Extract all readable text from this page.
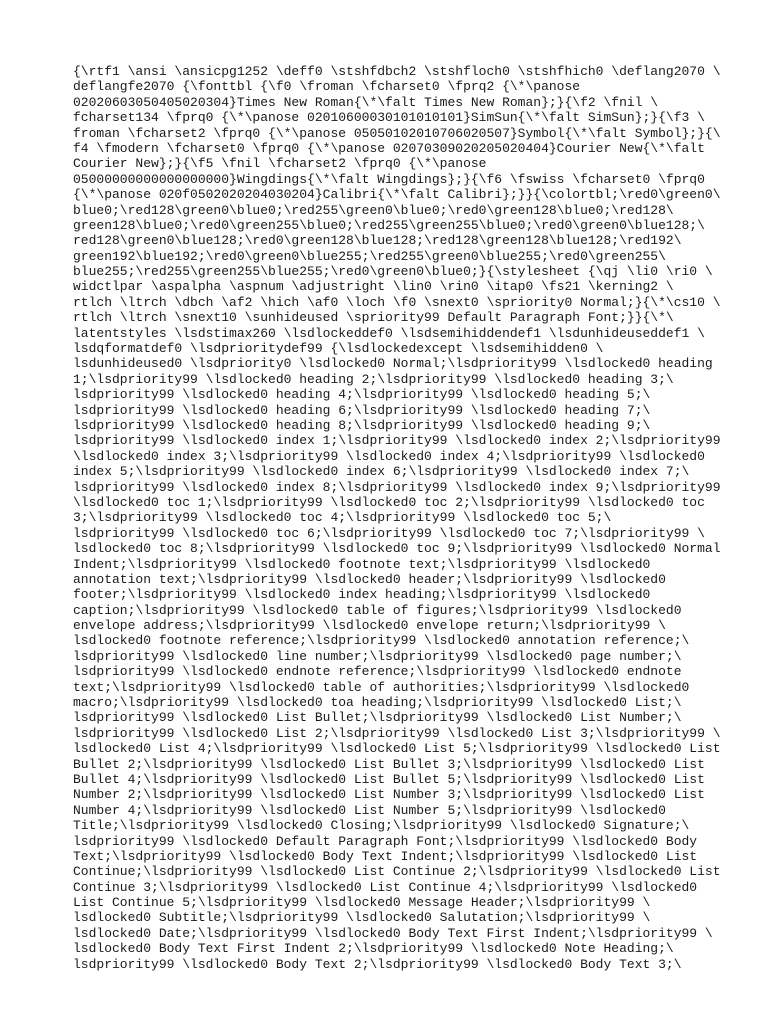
{\rtf1 \ansi \ansicpg1252 \deff0 \stshfdbch2 \stshfloch0 \stshfhich0 \deflang2070 \
deflangfe2070 {\fonttbl {\f0 \froman \fcharset0 \fprq2 {\*\panose
02020603050405020304}Times New Roman{\*\falt Times New Roman};}{\f2 \fnil \
fcharset134 \fprq0 {\*\panose 02010600030101010101}SimSun{\*\falt SimSun};}{\f3 \
froman \fcharset2 \fprq0 {\*\panose 05050102010706020507}Symbol{\*\falt Symbol};}{\
f4 \fmodern \fcharset0 \fprq0 {\*\panose 02070309020205020404}Courier New{\*\falt
Courier New};}{\f5 \fnil \fcharset2 \fprq0 {\*\panose
05000000000000000000}Wingdings{\*\falt Wingdings};}{\f6 \fswiss \fcharset0 \fprq0
{\*\panose 020f0502020204030204}Calibri{\*\falt Calibri};}}{\colortbl;\red0\green0\
blue0;\red128\green0\blue0;\red255\green0\blue0;\red0\green128\blue0;\red128\
green128\blue0;\red0\green255\blue0;\red255\green255\blue0;\red0\green0\blue128;\
red128\green0\blue128;\red0\green128\blue128;\red128\green128\blue128;\red192\
green192\blue192;\red0\green0\blue255;\red255\green0\blue255;\red0\green255\
blue255;\red255\green255\blue255;\red0\green0\blue0;}{\stylesheet {\qj \li0 \ri0 \
widctlpar \aspalpha \aspnum \adjustright \lin0 \rin0 \itap0 \fs21 \kerning2 \
rtlch \ltrch \dbch \af2 \hich \af0 \loch \f0 \snext0 \spriority0 Normal;}{\*\cs10 \
rtlch \ltrch \snext10 \sunhideused \spriority99 Default Paragraph Font;}}{\*\
latentstyles \lsdstimax260 \lsdlockeddef0 \lsdsemihiddendef1 \lsdunhideuseddef1 \
lsdqformatdef0 \lsdprioritydef99 {\lsdlockedexcept \lsdsemihidden0 \
lsdunhideused0 \lsdpriority0 \lsdlocked0 Normal;\lsdpriority99 \lsdlocked0 heading
1;\lsdpriority99 \lsdlocked0 heading 2;\lsdpriority99 \lsdlocked0 heading 3;\
lsdpriority99 \lsdlocked0 heading 4;\lsdpriority99 \lsdlocked0 heading 5;\
lsdpriority99 \lsdlocked0 heading 6;\lsdpriority99 \lsdlocked0 heading 7;\
lsdpriority99 \lsdlocked0 heading 8;\lsdpriority99 \lsdlocked0 heading 9;\
lsdpriority99 \lsdlocked0 index 1;\lsdpriority99 \lsdlocked0 index 2;\lsdpriority99
\lsdlocked0 index 3;\lsdpriority99 \lsdlocked0 index 4;\lsdpriority99 \lsdlocked0
index 5;\lsdpriority99 \lsdlocked0 index 6;\lsdpriority99 \lsdlocked0 index 7;\
lsdpriority99 \lsdlocked0 index 8;\lsdpriority99 \lsdlocked0 index 9;\lsdpriority99
\lsdlocked0 toc 1;\lsdpriority99 \lsdlocked0 toc 2;\lsdpriority99 \lsdlocked0 toc
3;\lsdpriority99 \lsdlocked0 toc 4;\lsdpriority99 \lsdlocked0 toc 5;\
lsdpriority99 \lsdlocked0 toc 6;\lsdpriority99 \lsdlocked0 toc 7;\lsdpriority99 \
lsdlocked0 toc 8;\lsdpriority99 \lsdlocked0 toc 9;\lsdpriority99 \lsdlocked0 Normal
Indent;\lsdpriority99 \lsdlocked0 footnote text;\lsdpriority99 \lsdlocked0
annotation text;\lsdpriority99 \lsdlocked0 header;\lsdpriority99 \lsdlocked0
footer;\lsdpriority99 \lsdlocked0 index heading;\lsdpriority99 \lsdlocked0
caption;\lsdpriority99 \lsdlocked0 table of figures;\lsdpriority99 \lsdlocked0
envelope address;\lsdpriority99 \lsdlocked0 envelope return;\lsdpriority99 \
lsdlocked0 footnote reference;\lsdpriority99 \lsdlocked0 annotation reference;\
lsdpriority99 \lsdlocked0 line number;\lsdpriority99 \lsdlocked0 page number;\
lsdpriority99 \lsdlocked0 endnote reference;\lsdpriority99 \lsdlocked0 endnote
text;\lsdpriority99 \lsdlocked0 table of authorities;\lsdpriority99 \lsdlocked0
macro;\lsdpriority99 \lsdlocked0 toa heading;\lsdpriority99 \lsdlocked0 List;\
lsdpriority99 \lsdlocked0 List Bullet;\lsdpriority99 \lsdlocked0 List Number;\
lsdpriority99 \lsdlocked0 List 2;\lsdpriority99 \lsdlocked0 List 3;\lsdpriority99 \
lsdlocked0 List 4;\lsdpriority99 \lsdlocked0 List 5;\lsdpriority99 \lsdlocked0 List
Bullet 2;\lsdpriority99 \lsdlocked0 List Bullet 3;\lsdpriority99 \lsdlocked0 List
Bullet 4;\lsdpriority99 \lsdlocked0 List Bullet 5;\lsdpriority99 \lsdlocked0 List
Number 2;\lsdpriority99 \lsdlocked0 List Number 3;\lsdpriority99 \lsdlocked0 List
Number 4;\lsdpriority99 \lsdlocked0 List Number 5;\lsdpriority99 \lsdlocked0
Title;\lsdpriority99 \lsdlocked0 Closing;\lsdpriority99 \lsdlocked0 Signature;\
lsdpriority99 \lsdlocked0 Default Paragraph Font;\lsdpriority99 \lsdlocked0 Body
Text;\lsdpriority99 \lsdlocked0 Body Text Indent;\lsdpriority99 \lsdlocked0 List
Continue;\lsdpriority99 \lsdlocked0 List Continue 2;\lsdpriority99 \lsdlocked0 List
Continue 3;\lsdpriority99 \lsdlocked0 List Continue 4;\lsdpriority99 \lsdlocked0
List Continue 5;\lsdpriority99 \lsdlocked0 Message Header;\lsdpriority99 \
lsdlocked0 Subtitle;\lsdpriority99 \lsdlocked0 Salutation;\lsdpriority99 \
lsdlocked0 Date;\lsdpriority99 \lsdlocked0 Body Text First Indent;\lsdpriority99 \
lsdlocked0 Body Text First Indent 2;\lsdpriority99 \lsdlocked0 Note Heading;\
lsdpriority99 \lsdlocked0 Body Text 2;\lsdpriority99 \lsdlocked0 Body Text 3;\
